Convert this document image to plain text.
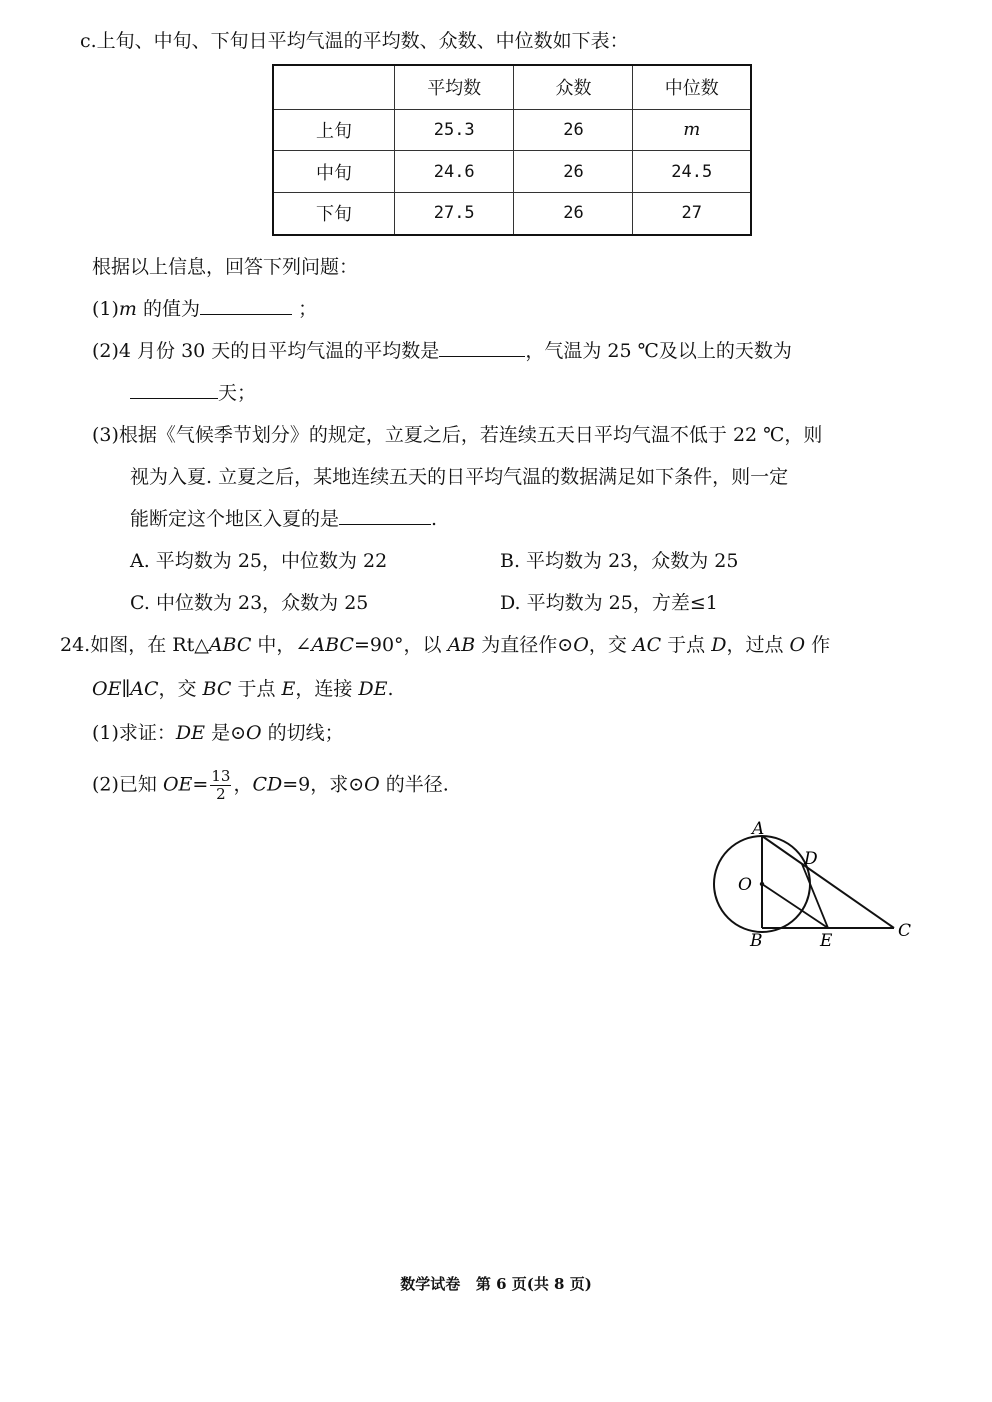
c.上旬、中旬、下旬日平均气温的平均数、众数、中位数如下表：
	平均数	众数	中位数
上旬	25.3	26	m
中旬	24.6	26	24.5
下旬	27.5	26	27
根据以上信息，回答下列问题：
(1)m 的值为	；
(2)4 月份 30 天的日平均气温的平均数是	，气温为 25 ℃及以上的天数为
天；
(3)根据《气候季节划分》的规定，立夏之后，若连续五天日平均气温不低于 22 ℃，则
视为入夏. 立夏之后，某地连续五天的日平均气温的数据满足如下条件，则一定
能断定这个地区入夏的是	.
A. 平均数为 25，中位数为 22	B. 平均数为 23，众数为 25
C. 中位数为 23，众数为 25	D. 平均数为 25，方差≤1
24.如图，在 Rt△ABC 中，∠ABC=90°，以 AB 为直径作⊙O，交 AC 于点 D，过点 O 作
OE∥AC，交 BC 于点 E，连接 DE.
(1)求证：DE 是⊙O 的切线；
(2)已知 $OE= \frac{13}{2}$ ，CD=9，求⊙O 的半径.
A
D
O
C
B	E
数学试卷   第 6 页(共 8 页)
